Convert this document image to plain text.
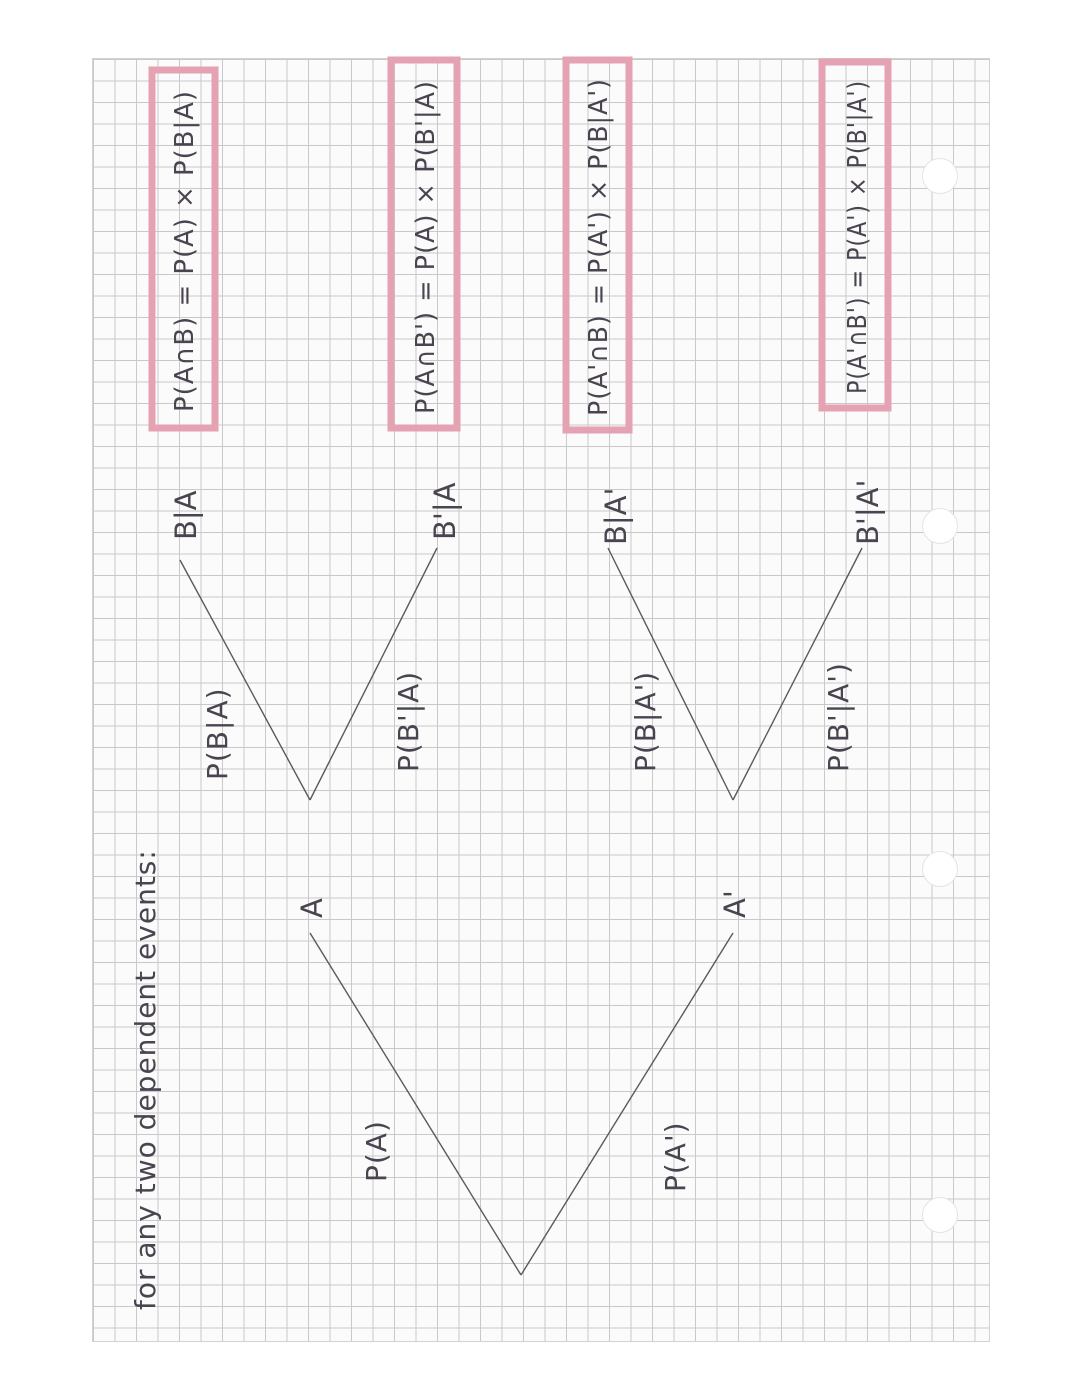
for any two dependent events:	P(A)	P(A')
A	A'
P(B|A)	P(B'|A)	P(B|A')	P(B'|A')
B|A	B'|A	B|A'	B'|A'
P(A∩B) = P(A) × P(B|A)	P(A∩B') = P(A) × P(B'|A)	P(A'∩B) = P(A') × P(B|A')	P(A'∩B') = P(A') × P(B'|A')
